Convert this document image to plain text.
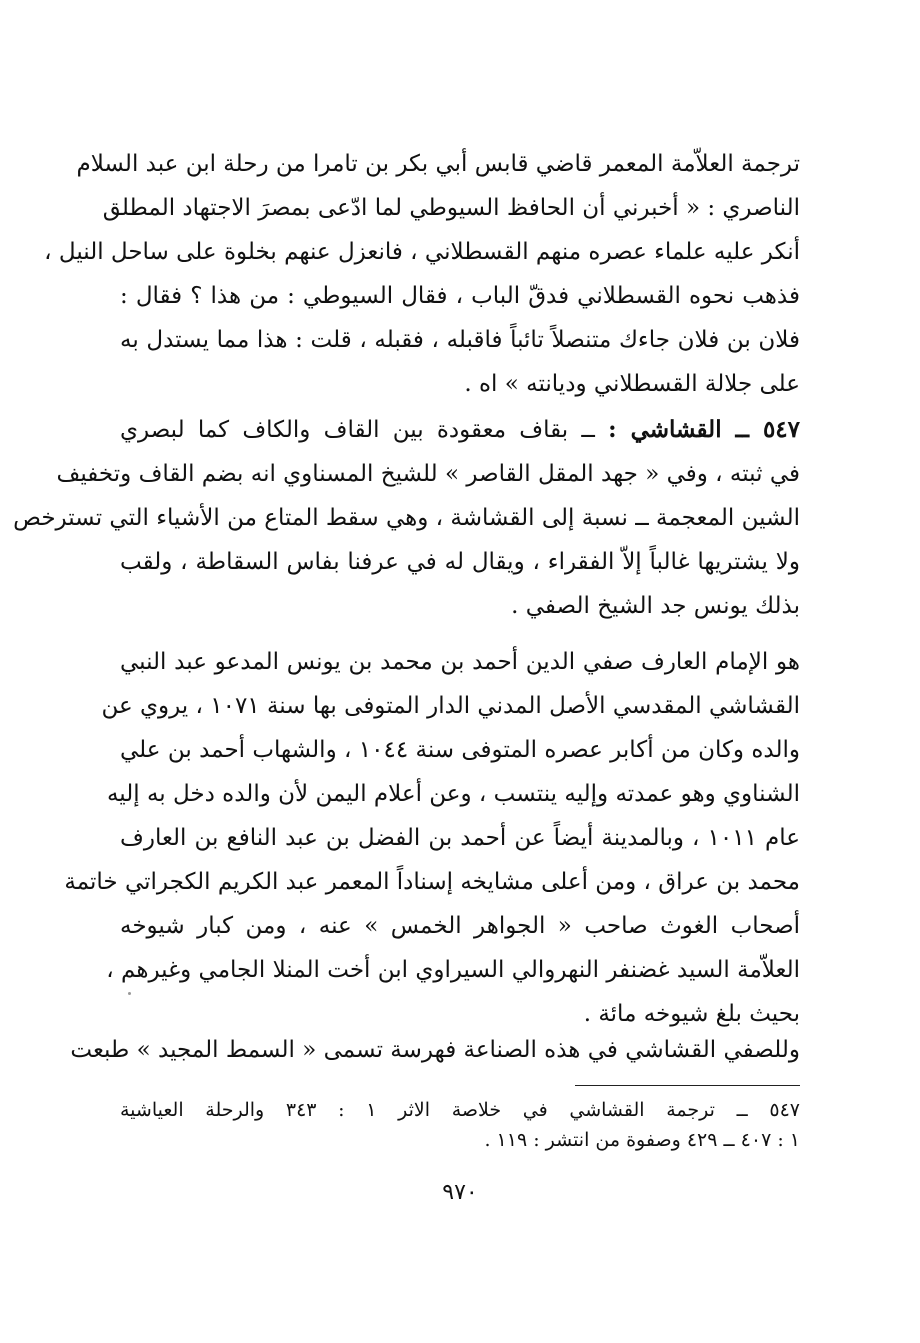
ترجمة العلاّمة المعمر قاضي قابس أبي بكر بن تامرا من رحلة ابن عبد السلام
الناصري : « أخبرني أن الحافظ السيوطي لما ادّعى بمصرَ الاجتهاد المطلق
أنكر عليه علماء عصره منهم القسطلاني ، فانعزل عنهم بخلوة على ساحل النيل ،
فذهب نحوه القسطلاني فدقّ الباب ، فقال السيوطي : من هذا ؟ فقال :
فلان بن فلان جاءك متنصلاً تائباً فاقبله ، فقبله ، قلت : هذا مما يستدل به
على جلالة القسطلاني وديانته » اه .
٥٤٧ ــ القشاشي : ــ بقاف معقودة بين القاف والكاف كما لبصري
في ثبته ، وفي « جهد المقل القاصر » للشيخ المسناوي انه بضم القاف وتخفيف
الشين المعجمة ــ نسبة إلى القشاشة ، وهي سقط المتاع من الأشياء التي تسترخص
ولا يشتريها غالباً إلاّ الفقراء ، ويقال له في عرفنا بفاس السقاطة ، ولقب
بذلك يونس جد الشيخ الصفي .
هو الإمام العارف صفي الدين أحمد بن محمد بن يونس المدعو عبد النبي
القشاشي المقدسي الأصل المدني الدار المتوفى بها سنة ١٠٧١ ، يروي عن
والده وكان من أكابر عصره المتوفى سنة ١٠٤٤ ، والشهاب أحمد بن علي
الشناوي وهو عمدته وإليه ينتسب ، وعن أعلام اليمن لأن والده دخل به إليه
عام ١٠١١ ، وبالمدينة أيضاً عن أحمد بن الفضل بن عبد النافع بن العارف
محمد بن عراق ، ومن أعلى مشايخه إسناداً المعمر عبد الكريم الكجراتي خاتمة
أصحاب الغوث صاحب « الجواهر الخمس » عنه ، ومن كبار شيوخه
العلاّمة السيد غضنفر النهروالي السيراوي ابن أخت المنلا الجامي وغيرهم ،
بحيث بلغ شيوخه مائة .
وللصفي القشاشي في هذه الصناعة فهرسة تسمى « السمط المجيد » طبعت
٥٤٧ ــ ترجمة القشاشي في خلاصة الاثر ١ : ٣٤٣ والرحلة العياشية
١ : ٤٠٧ ــ ٤٢٩ وصفوة من انتشر : ١١٩ .
٩٧٠
